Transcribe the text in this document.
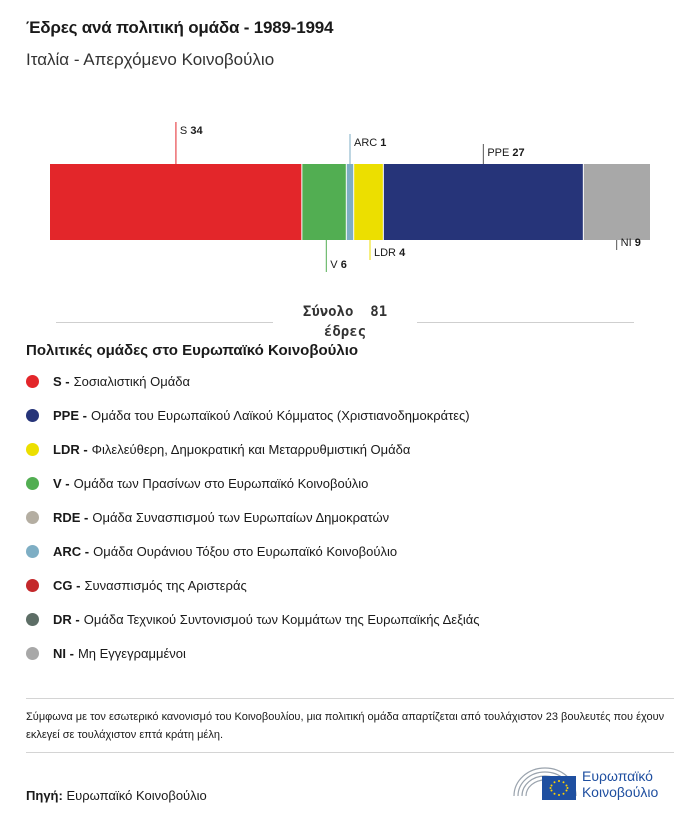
Έδρες ανά πολιτική ομάδα - 1989-1994
Ιταλία - Απερχόμενο Κοινοβούλιο
S 34
V 6
ARC 1
LDR 4
PPE 27
NI 9
Σύνολο 81
έδρες
Πολιτικές ομάδες στο Ευρωπαϊκό Κοινοβούλιο
S - Σοσιαλιστική Ομάδα
PPE - Ομάδα του Ευρωπαϊκού Λαϊκού Κόμματος (Χριστιανοδημοκράτες)
LDR - Φιλελεύθερη, Δημοκρατική και Μεταρρυθμιστική Ομάδα
V - Ομάδα των Πρασίνων στο Ευρωπαϊκό Κοινοβούλιο
RDE - Ομάδα Συνασπισμού των Ευρωπαίων Δημοκρατών
ARC - Ομάδα Ουράνιου Τόξου στο Ευρωπαϊκό Κοινοβούλιο
CG - Συνασπισμός της Αριστεράς
DR - Ομάδα Τεχνικού Συντονισμού των Κομμάτων της Ευρωπαϊκής Δεξιάς
NI - Μη Εγγεγραμμένοι
Σύμφωνα με τον εσωτερικό κανονισμό του Κοινοβουλίου, μια πολιτική ομάδα απαρτίζεται από τουλάχιστον 23 βουλευτές που έχουν εκλεγεί σε τουλάχιστον επτά κράτη μέλη.
Πηγή: Ευρωπαϊκό Κοινοβούλιο
Ευρωπαϊκό
Κοινοβούλιο
